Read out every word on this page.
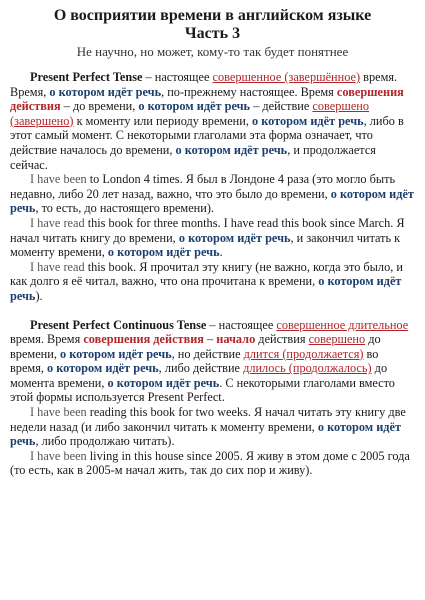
О восприятии времени в английском языке
Часть 3
Не научно, но может, кому-то так будет понятнее

Present Perfect Tense – настоящее совершенное (завершённое) время. Время, о котором идёт речь, по-прежнему настоящее. Время совершения действия – до времени, о котором идёт речь – действие совершено (завершено) к моменту или периоду времени, о котором идёт речь, либо в этот самый момент. С некоторыми глаголами эта форма означает, что действие началось до времени, о котором идёт речь, и продолжается сейчас.

I have been to London 4 times. Я был в Лондоне 4 раза (это могло быть недавно, либо 20 лет назад, важно, что это было до времени, о котором идёт речь, то есть, до настоящего времени).

I have read this book for three months. I have read this book since March. Я начал читать книгу до времени, о котором идёт речь, и закончил читать к моменту времени, о котором идёт речь.

I have read this book. Я прочитал эту книгу (не важно, когда это было, и как долго я её читал, важно, что она прочитана к времени, о котором идёт речь).

Present Perfect Continuous Tense – настоящее совершенное длительное время. Время совершения действия – начало действия совершено до времени, о котором идёт речь, но действие длится (продолжается) во время, о котором идёт речь, либо действие длилось (продолжалось) до момента времени, о котором идёт речь. С некоторыми глаголами вместо этой формы используется Present Perfect.

I have been reading this book for two weeks. Я начал читать эту книгу две недели назад (и либо закончил читать к моменту времени, о котором идёт речь, либо продолжаю читать).

I have been living in this house since 2005. Я живу в этом доме с 2005 года (то есть, как в 2005-м начал жить, так до сих пор и живу).
